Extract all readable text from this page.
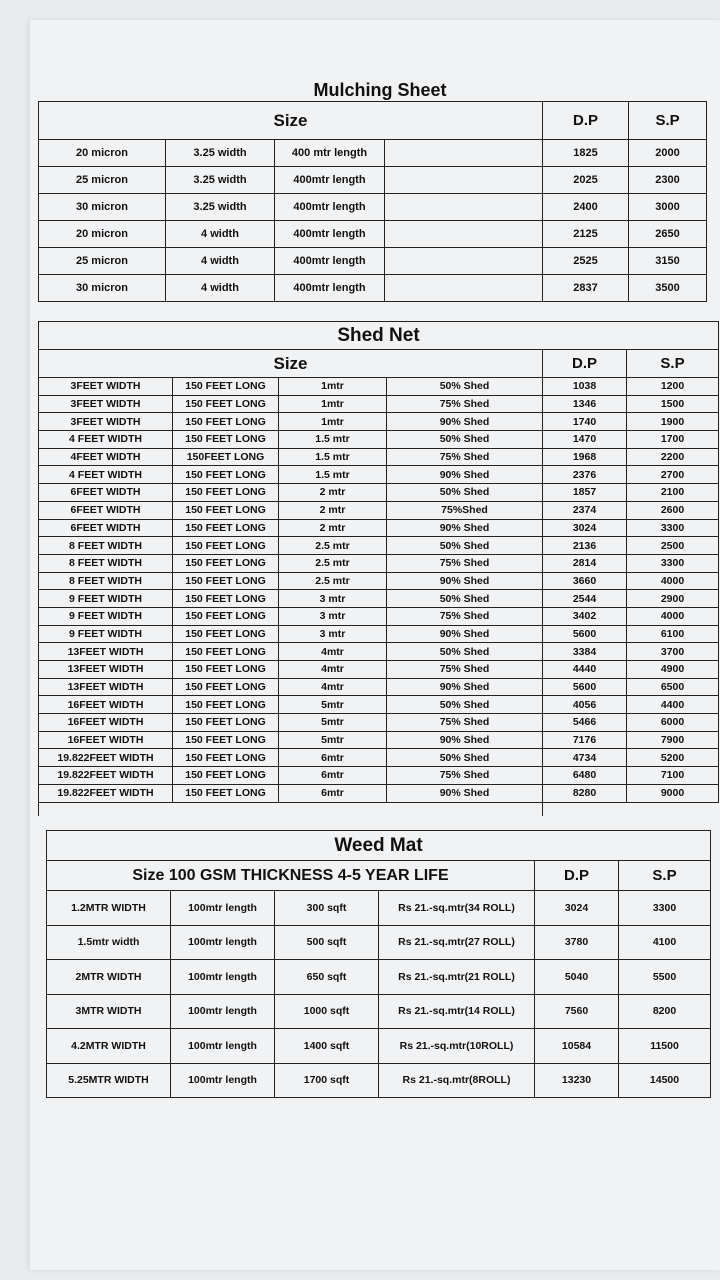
Mulching Sheet
Size				D.P	S.P
20 micron	3.25 width	400 mtr length		1825	2000
25 micron	3.25 width	400mtr length		2025	2300
30 micron	3.25 width	400mtr length		2400	3000
20 micron	4 width	400mtr length		2125	2650
25 micron	4 width	400mtr length		2525	3150
30 micron	4 width	400mtr length		2837	3500
Shed Net					
Size				D.P	S.P
3FEET WIDTH	150 FEET LONG	1mtr	50% Shed	1038	1200
3FEET WIDTH	150 FEET LONG	1mtr	75% Shed	1346	1500
3FEET WIDTH	150 FEET LONG	1mtr	90% Shed	1740	1900
4 FEET WIDTH	150 FEET LONG	1.5 mtr	50% Shed	1470	1700
4FEET WIDTH	150FEET LONG	1.5 mtr	75% Shed	1968	2200
4 FEET WIDTH	150 FEET LONG	1.5 mtr	90% Shed	2376	2700
6FEET WIDTH	150 FEET LONG	2 mtr	50% Shed	1857	2100
6FEET WIDTH	150 FEET LONG	2 mtr	75%Shed	2374	2600
6FEET WIDTH	150 FEET LONG	2 mtr	90% Shed	3024	3300
8 FEET WIDTH	150 FEET LONG	2.5 mtr	50% Shed	2136	2500
8 FEET WIDTH	150 FEET LONG	2.5 mtr	75% Shed	2814	3300
8 FEET WIDTH	150 FEET LONG	2.5 mtr	90% Shed	3660	4000
9 FEET WIDTH	150 FEET LONG	3 mtr	50% Shed	2544	2900
9 FEET WIDTH	150 FEET LONG	3 mtr	75% Shed	3402	4000
9 FEET WIDTH	150 FEET LONG	3 mtr	90% Shed	5600	6100
13FEET WIDTH	150 FEET LONG	4mtr	50% Shed	3384	3700
13FEET WIDTH	150 FEET LONG	4mtr	75% Shed	4440	4900
13FEET WIDTH	150 FEET LONG	4mtr	90% Shed	5600	6500
16FEET WIDTH	150 FEET LONG	5mtr	50% Shed	4056	4400
16FEET WIDTH	150 FEET LONG	5mtr	75% Shed	5466	6000
16FEET WIDTH	150 FEET LONG	5mtr	90% Shed	7176	7900
19.822FEET WIDTH	150 FEET LONG	6mtr	50% Shed	4734	5200
19.822FEET WIDTH	150 FEET LONG	6mtr	75% Shed	6480	7100
19.822FEET WIDTH	150 FEET LONG	6mtr	90% Shed	8280	9000

Weed Mat					
Size 100 GSM THICKNESS 4-5 YEAR LIFE				D.P	S.P
1.2MTR WIDTH	100mtr length	300 sqft	Rs 21.-sq.mtr(34 ROLL)	3024	3300
1.5mtr width	100mtr length	500 sqft	Rs 21.-sq.mtr(27 ROLL)	3780	4100
2MTR WIDTH	100mtr length	650 sqft	Rs 21.-sq.mtr(21 ROLL)	5040	5500
3MTR WIDTH	100mtr length	1000 sqft	Rs 21.-sq.mtr(14 ROLL)	7560	8200
4.2MTR WIDTH	100mtr length	1400 sqft	Rs 21.-sq.mtr(10ROLL)	10584	11500
5.25MTR WIDTH	100mtr length	1700 sqft	Rs 21.-sq.mtr(8ROLL)	13230	14500
